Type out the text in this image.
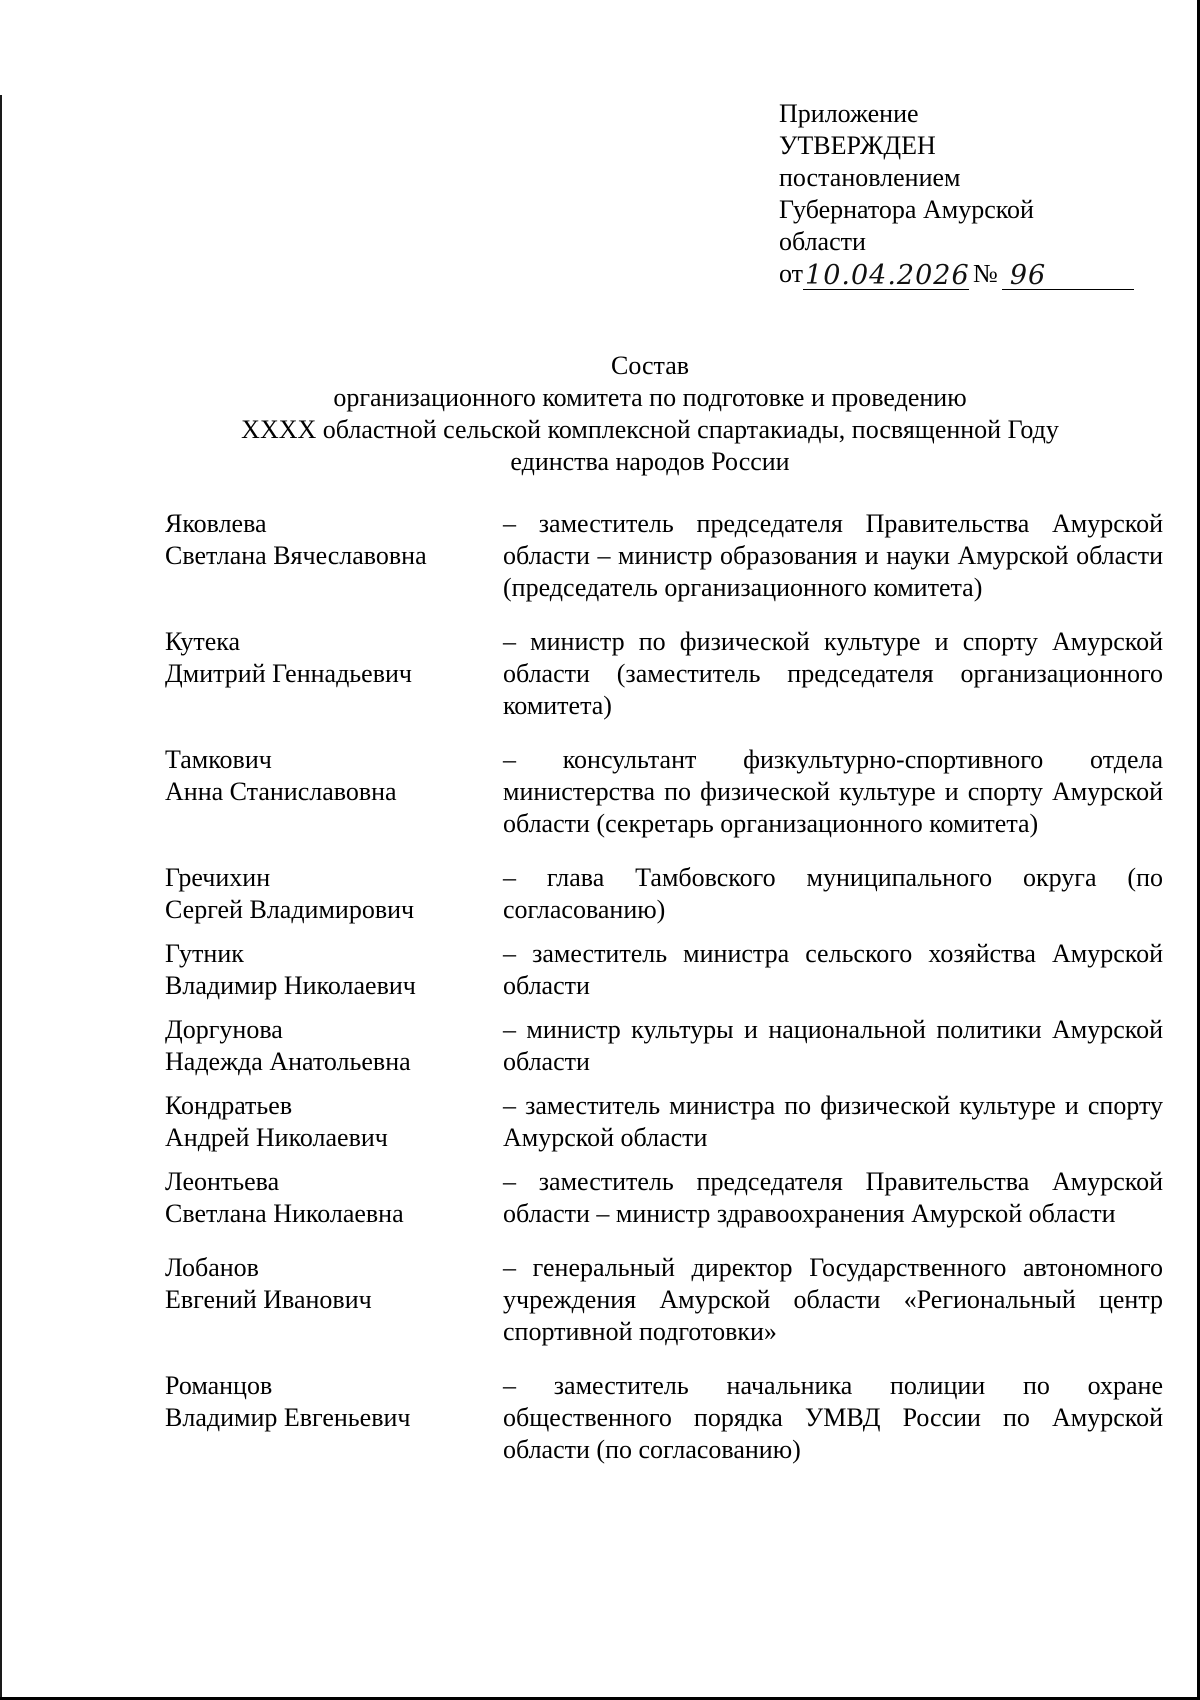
Приложение
УТВЕРЖДЕН
постановлением
Губернатора Амурской
области
от 10.04.2026 № 96
Состав
организационного комитета по подготовке и проведению
XXXX областной сельской комплексной спартакиады, посвященной Году
единства народов России
Яковлева
Светлана Вячеславовна
– заместитель председателя Правительства Амурской области – министр образования и науки Амурской области (председатель организационного комитета)
Кутека
Дмитрий Геннадьевич
– министр по физической культуре и спорту Амурской области (заместитель председателя организационного комитета)
Тамкович
Анна Станиславовна
– консультант физкультурно-спортивного отдела министерства по физической культуре и спорту Амурской области (секретарь организационного комитета)
Гречихин
Сергей Владимирович
– глава Тамбовского муниципального округа (по согласованию)
Гутник
Владимир Николаевич
– заместитель министра сельского хозяйства Амурской области
Доргунова
Надежда Анатольевна
– министр культуры и национальной политики Амурской области
Кондратьев
Андрей Николаевич
– заместитель министра по физической культуре и спорту Амурской области
Леонтьева
Светлана Николаевна
– заместитель председателя Правительства Амурской области – министр здравоохранения Амурской области
Лобанов
Евгений Иванович
– генеральный директор Государственного автономного учреждения Амурской области «Региональный центр спортивной подготовки»
Романцов
Владимир Евгеньевич
– заместитель начальника полиции по охране общественного порядка УМВД России по Амурской области (по согласованию)
